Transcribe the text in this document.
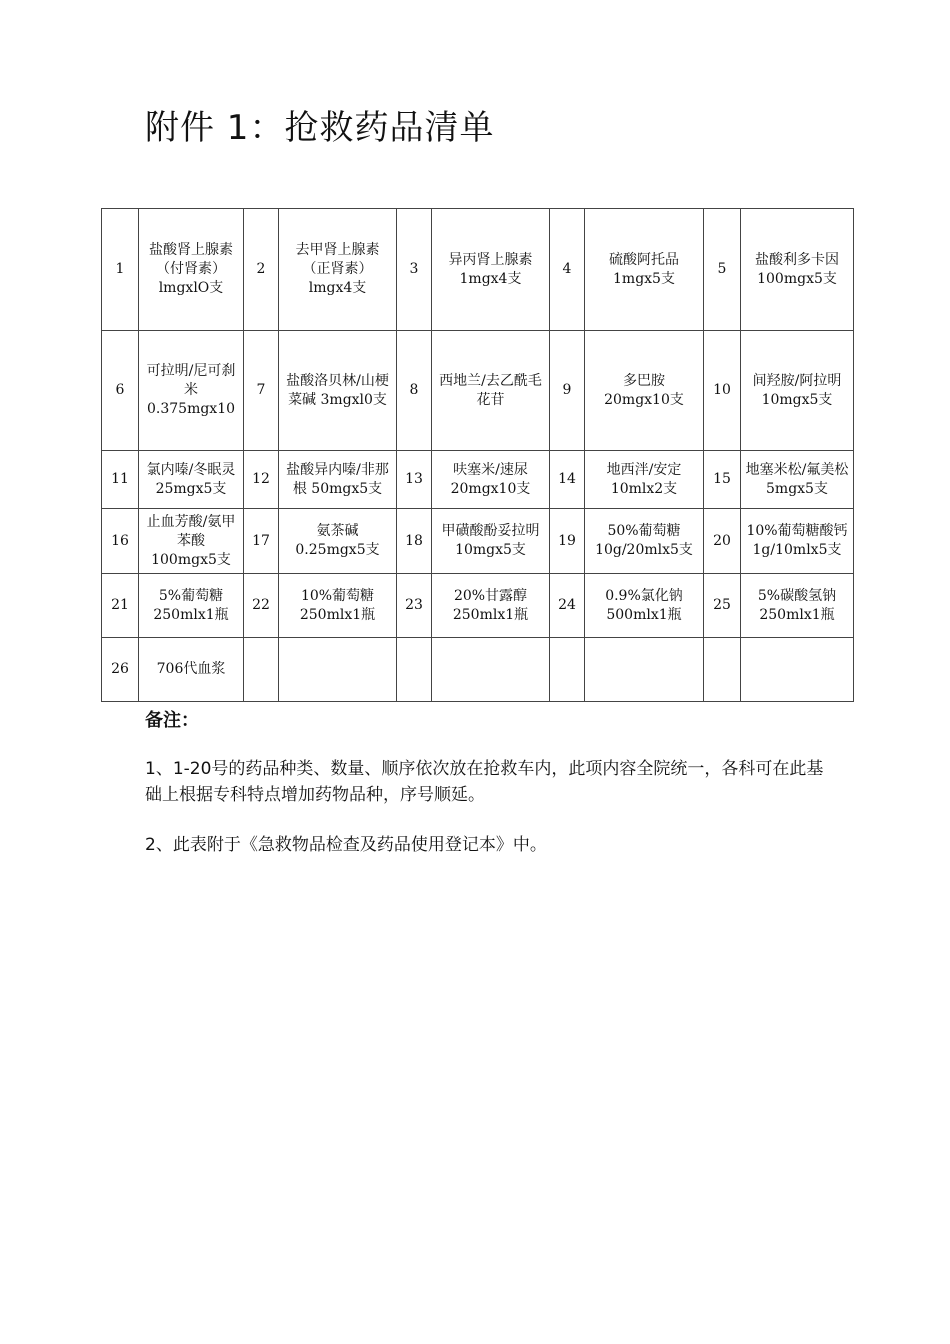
附件 1：抢救药品清单
1	盐酸肾上腺素（付肾素）lmgxlO支	2	去甲肾上腺素（正肾素）lmgx4支	3	异丙肾上腺素 1mgx4支	4	硫酸阿托品 1mgx5支	5	盐酸利多卡因 100mgx5支
6	可拉明/尼可刹米 0.375mgx10	7	盐酸洛贝林/山梗菜碱 3mgxl0支	8	西地兰/去乙酰毛花苷	9	多巴胺 20mgx10支	10	间羟胺/阿拉明 10mgx5支
11	氯内嗪/冬眠灵 25mgx5支	12	盐酸异内嗪/非那根 50mgx5支	13	呋塞米/速尿 20mgx10支	14	地西泮/安定 10mlx2支	15	地塞米松/氟美松 5mgx5支
16	止血芳酸/氨甲苯酸 100mgx5支	17	氨茶碱 0.25mgx5支	18	甲磺酸酚妥拉明 10mgx5支	19	50%葡萄糖 10g/20mlx5支	20	10%葡萄糖酸钙 1g/10mlx5支
21	5%葡萄糖 250mlx1瓶	22	10%葡萄糖 250mlx1瓶	23	20%甘露醇 250mlx1瓶	24	0.9%氯化钠 500mlx1瓶	25	5%碳酸氢钠 250mlx1瓶
26	706代血浆								
备注：

1、1-20号的药品种类、数量、顺序依次放在抢救车内，此项内容全院统一，各科可在此基础上根据专科特点增加药物品种，序号顺延。

2、此表附于《急救物品检查及药品使用登记本》中。
